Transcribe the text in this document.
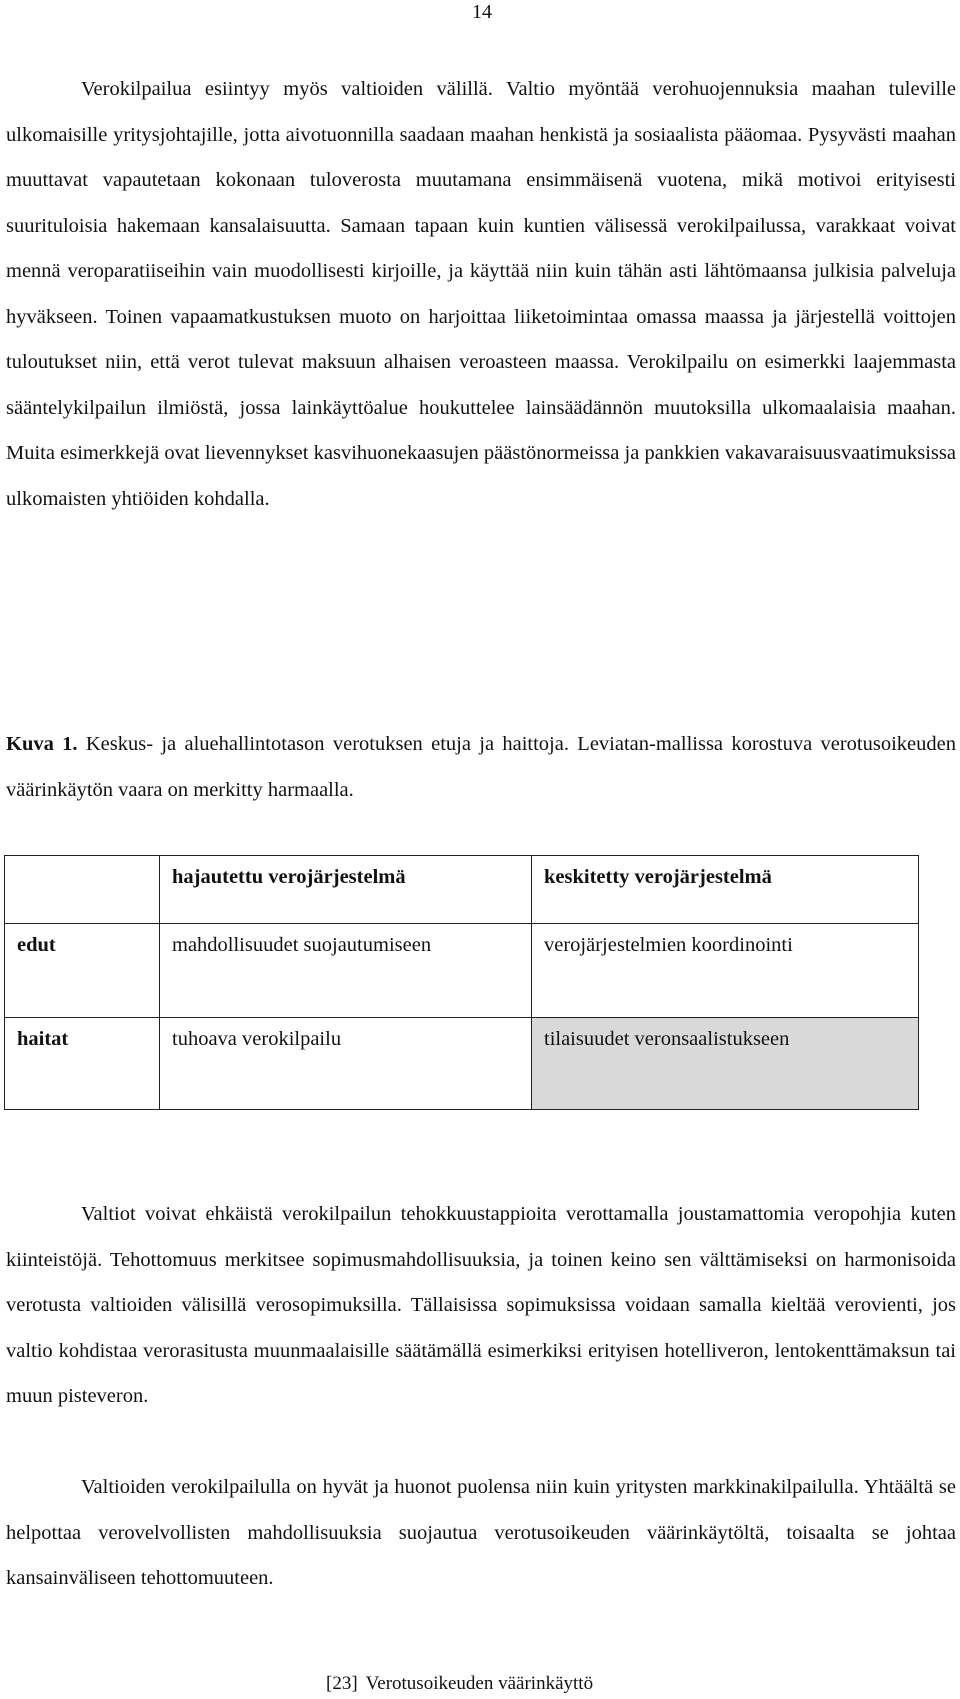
14

Verokilpailua esiintyy myös valtioiden välillä. Valtio myöntää verohuojennuksia maahan tuleville ulkomaisille yritysjohtajille, jotta aivotuonnilla saadaan maahan henkistä ja sosiaalista pääomaa. Pysyvästi maahan muuttavat vapautetaan kokonaan tuloverosta muutamana ensimmäisenä vuotena, mikä motivoi erityisesti suurituloisia hakemaan kansalaisuutta. Samaan tapaan kuin kuntien välisessä verokilpailussa, varakkaat voivat mennä veroparatiiseihin vain muodollisesti kirjoille, ja käyttää niin kuin tähän asti lähtömaansa julkisia palveluja hyväkseen. Toinen vapaamatkustuksen muoto on harjoittaa liiketoimintaa omassa maassa ja järjestellä voittojen tuloutukset niin, että verot tulevat maksuun alhaisen veroasteen maassa. Verokilpailu on esimerkki laajemmasta sääntelykilpailun ilmiöstä, jossa lainkäyttöalue houkuttelee lainsäädännön muutoksilla ulkomaalaisia maahan. Muita esimerkkejä ovat lievennykset kasvihuonekaasujen päästönormeissa ja pankkien vakavaraisuusvaatimuksissa ulkomaisten yhtiöiden kohdalla.

Kuva 1. Keskus- ja aluehallintotason verotuksen etuja ja haittoja. Leviatan-mallissa korostuva verotusoikeuden väärinkäytön vaara on merkitty harmaalla.

	hajautettu verojärjestelmä	keskitetty verojärjestelmä
edut	mahdollisuudet suojautumiseen	verojärjestelmien koordinointi
haitat	tuhoava verokilpailu	tilaisuudet veronsaalistukseen

Valtiot voivat ehkäistä verokilpailun tehokkuustappioita verottamalla joustamattomia veropohjia kuten kiinteistöjä. Tehottomuus merkitsee sopimusmahdollisuuksia, ja toinen keino sen välttämiseksi on harmonisoida verotusta valtioiden välisillä verosopimuksilla. Tällaisissa sopimuksissa voidaan samalla kieltää verovienti, jos valtio kohdistaa verorasitusta muunmaalaisille säätämällä esimerkiksi erityisen hotelliveron, lentokenttämaksun tai muun pisteveron.

Valtioiden verokilpailulla on hyvät ja huonot puolensa niin kuin yritysten markkinakilpailulla. Yhtäältä se helpottaa verovelvollisten mahdollisuuksia suojautua verotusoikeuden väärinkäytöltä, toisaalta se johtaa kansainväliseen tehottomuuteen.

[23] Verotusoikeuden väärinkäyttö
